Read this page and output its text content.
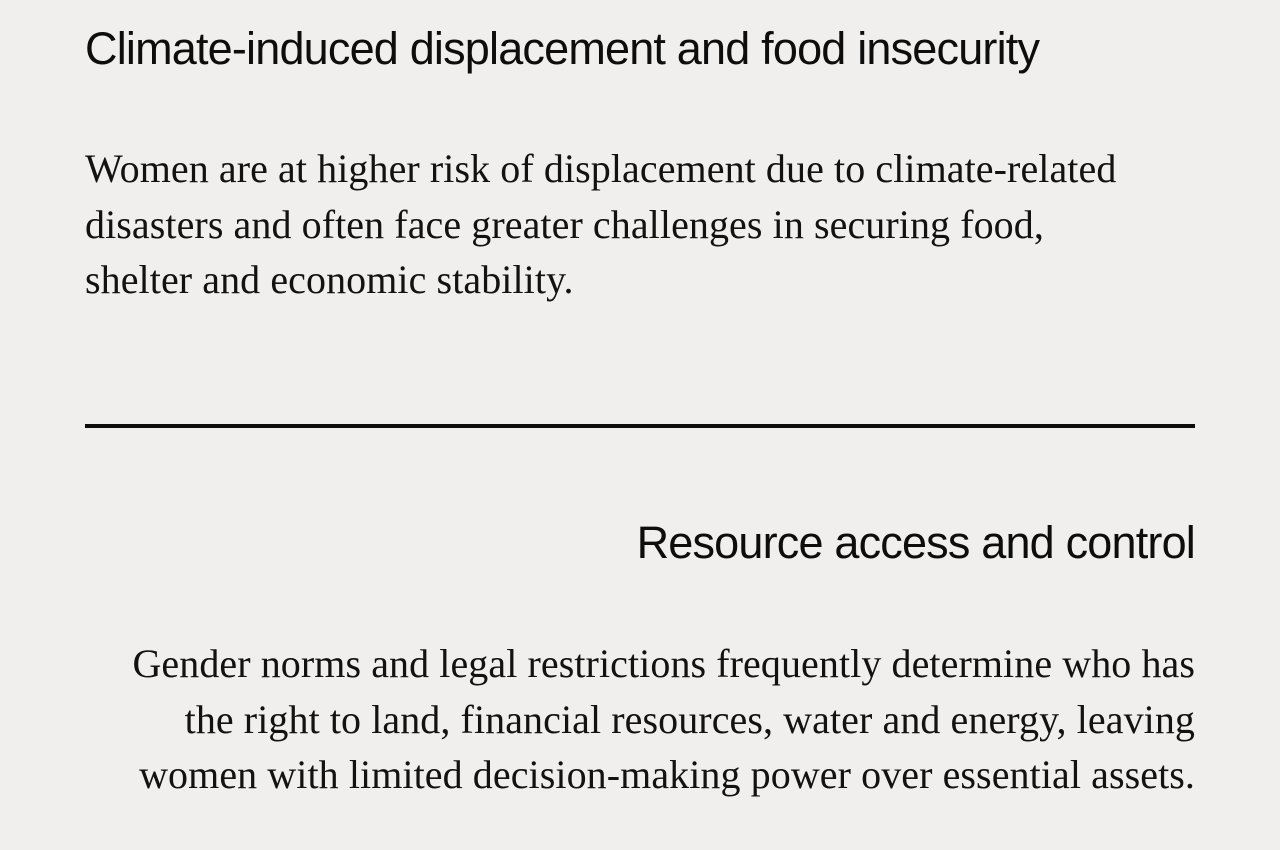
Climate-induced displacement and food insecurity

Women are at higher risk of displacement due to climate-related disasters and often face greater challenges in securing food, shelter and economic stability.

Resource access and control

Gender norms and legal restrictions frequently determine who has the right to land, financial resources, water and energy, leaving women with limited decision-making power over essential assets.
